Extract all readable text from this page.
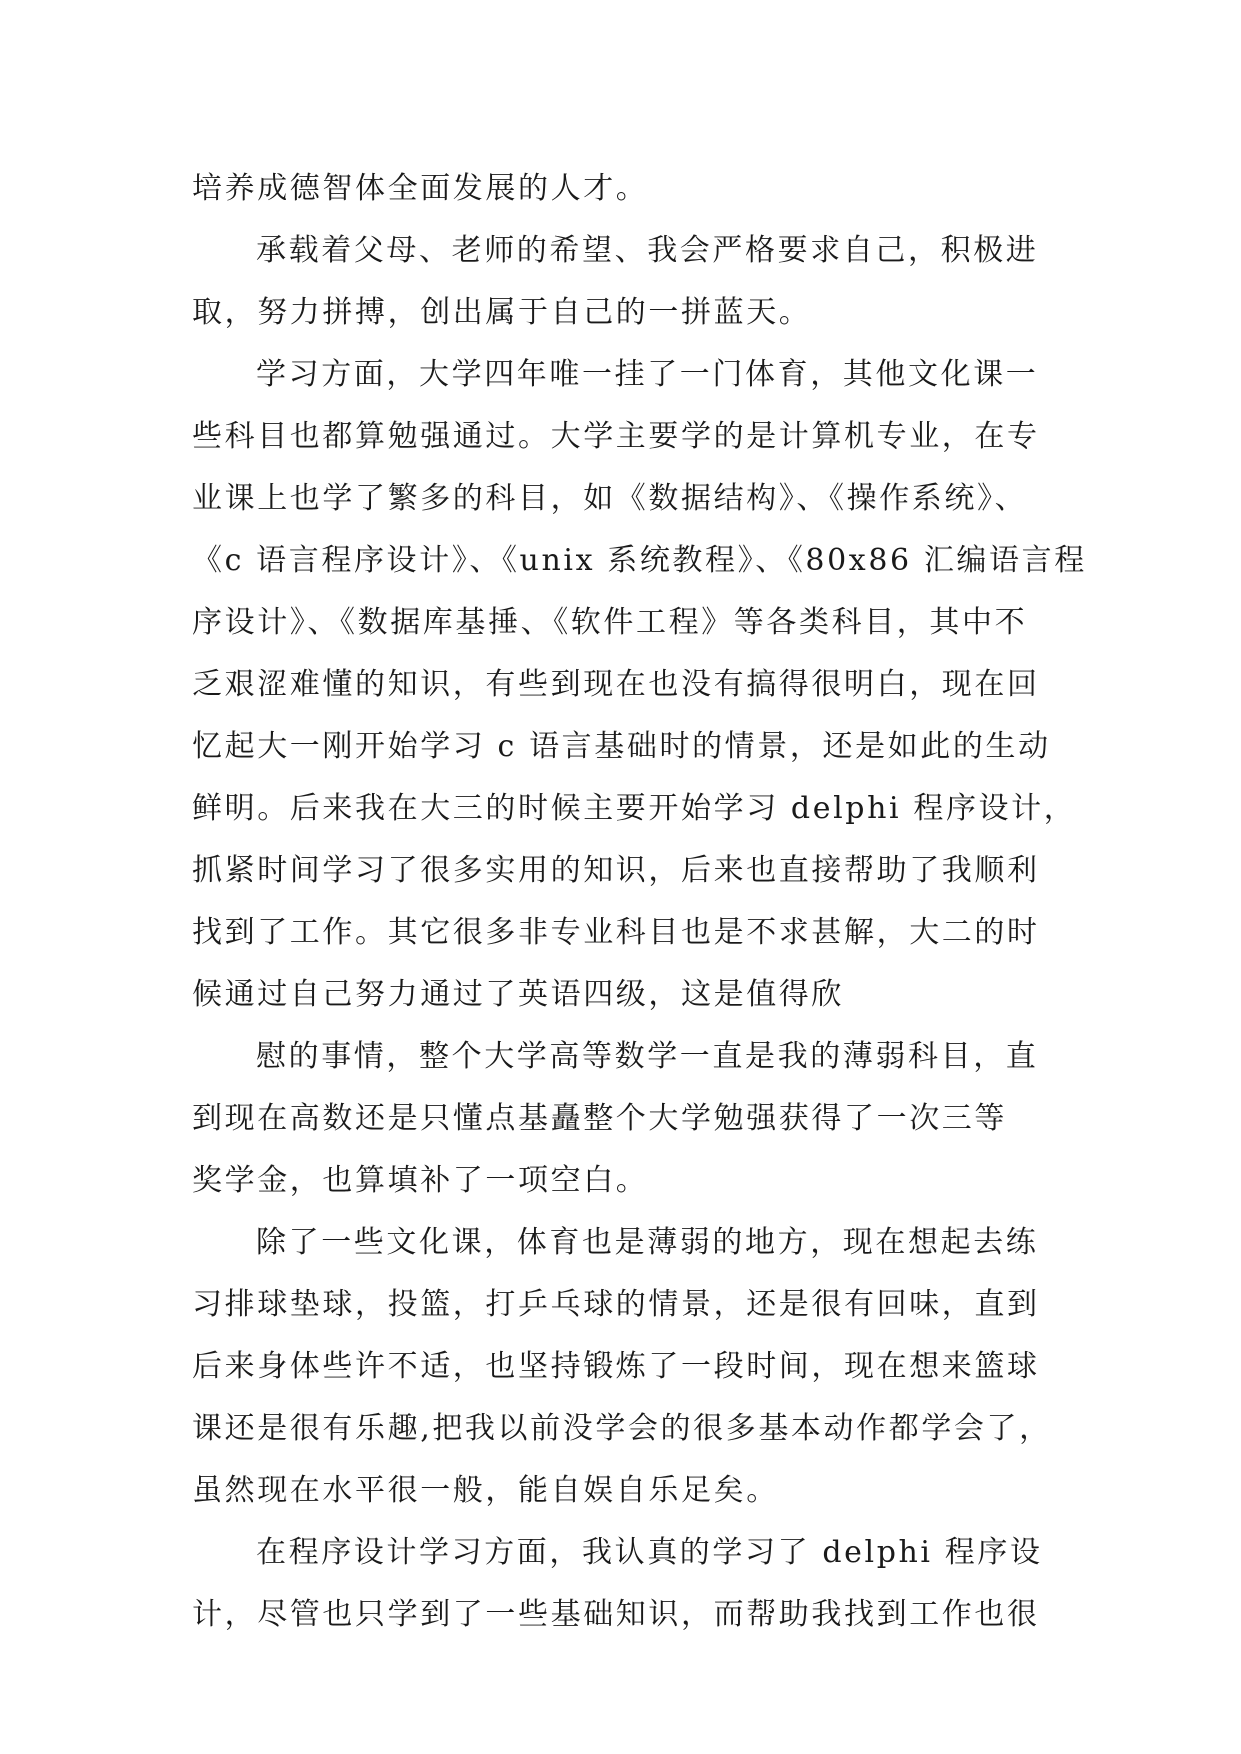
培养成德智体全面发展的人才。
承载着父母、老师的希望、我会严格要求自己，积极进
取，努力拼搏，创出属于自己的一拼蓝天。
学习方面，大学四年唯一挂了一门体育，其他文化课一
些科目也都算勉强通过。大学主要学的是计算机专业，在专
业课上也学了繁多的科目，如《数据结构》、《操作系统》、
《c 语言程序设计》、《unix 系统教程》、《80x86 汇编语言程
序设计》、《数据库基捶、《软件工程》等各类科目，其中不
乏艰涩难懂的知识，有些到现在也没有搞得很明白，现在回
忆起大一刚开始学习 c 语言基础时的情景，还是如此的生动
鲜明。后来我在大三的时候主要开始学习 delphi 程序设计，
抓紧时间学习了很多实用的知识，后来也直接帮助了我顺利
找到了工作。其它很多非专业科目也是不求甚解，大二的时
候通过自己努力通过了英语四级，这是值得欣
慰的事情，整个大学高等数学一直是我的薄弱科目，直
到现在高数还是只懂点基矗整个大学勉强获得了一次三等
奖学金，也算填补了一项空白。
除了一些文化课，体育也是薄弱的地方，现在想起去练
习排球垫球，投篮，打乒乓球的情景，还是很有回味，直到
后来身体些许不适，也坚持锻炼了一段时间，现在想来篮球
课还是很有乐趣,把我以前没学会的很多基本动作都学会了，
虽然现在水平很一般，能自娱自乐足矣。
在程序设计学习方面，我认真的学习了 delphi 程序设
计，尽管也只学到了一些基础知识，而帮助我找到工作也很
